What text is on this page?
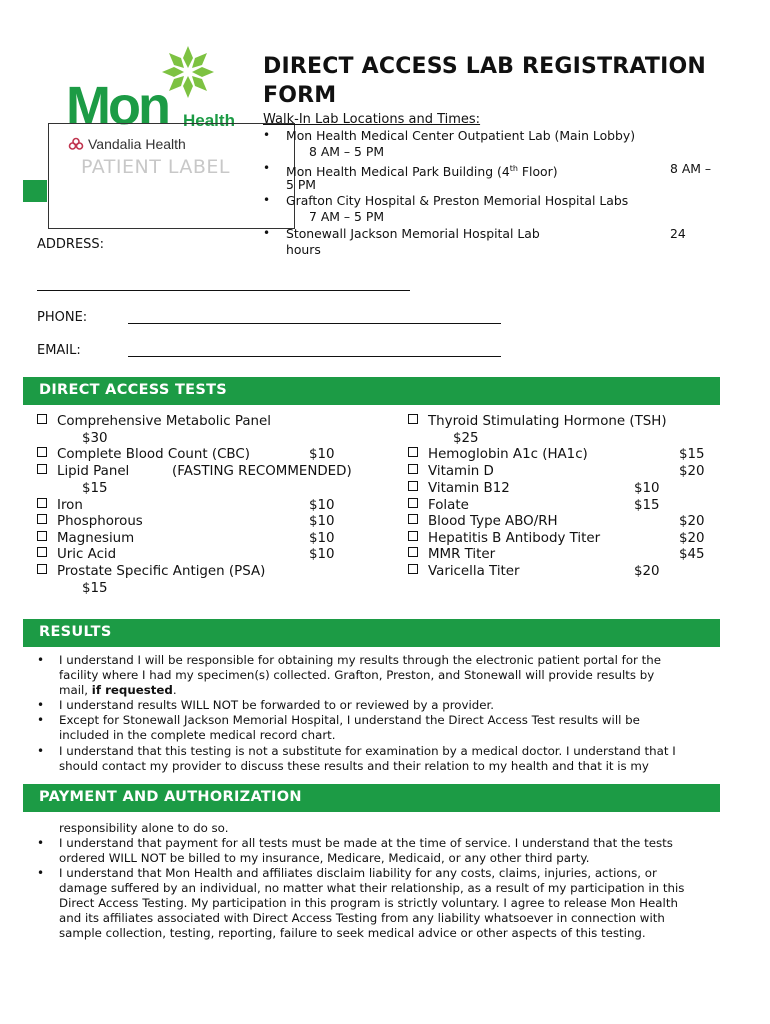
Mon Health
Vandalia Health
PATIENT LABEL
DIRECT ACCESS LAB REGISTRATION
FORM
Walk-In Lab Locations and Times:
• Mon Health Medical Center Outpatient Lab (Main Lobby)
8 AM – 5 PM
• Mon Health Medical Park Building (4th Floor)	8 AM –
5 PM
• Grafton City Hospital & Preston Memorial Hospital Labs
7 AM – 5 PM
• Stonewall Jackson Memorial Hospital Lab	24
hours
ADDRESS:
PHONE:
EMAIL:
DIRECT ACCESS TESTS
Comprehensive Metabolic Panel
$30
Complete Blood Count (CBC)	$10
Lipid Panel	(FASTING RECOMMENDED)
$15
Iron	$10
Phosphorous	$10
Magnesium	$10
Uric Acid	$10
Prostate Specific Antigen (PSA)
$15
Thyroid Stimulating Hormone (TSH)
$25
Hemoglobin A1c (HA1c)	$15
Vitamin D	$20
Vitamin B12	$10
Folate	$15
Blood Type ABO/RH	$20
Hepatitis B Antibody Titer	$20
MMR Titer	$45
Varicella Titer	$20
RESULTS
• I understand I will be responsible for obtaining my results through the electronic patient portal for the
facility where I had my specimen(s) collected. Grafton, Preston, and Stonewall will provide results by
mail, if requested.
• I understand results WILL NOT be forwarded to or reviewed by a provider.
• Except for Stonewall Jackson Memorial Hospital, I understand the Direct Access Test results will be
included in the complete medical record chart.
• I understand that this testing is not a substitute for examination by a medical doctor. I understand that I
should contact my provider to discuss these results and their relation to my health and that it is my
PAYMENT AND AUTHORIZATION
responsibility alone to do so.
• I understand that payment for all tests must be made at the time of service. I understand that the tests
ordered WILL NOT be billed to my insurance, Medicare, Medicaid, or any other third party.
• I understand that Mon Health and affiliates disclaim liability for any costs, claims, injuries, actions, or
damage suffered by an individual, no matter what their relationship, as a result of my participation in this
Direct Access Testing. My participation in this program is strictly voluntary. I agree to release Mon Health
and its affiliates associated with Direct Access Testing from any liability whatsoever in connection with
sample collection, testing, reporting, failure to seek medical advice or other aspects of this testing.
